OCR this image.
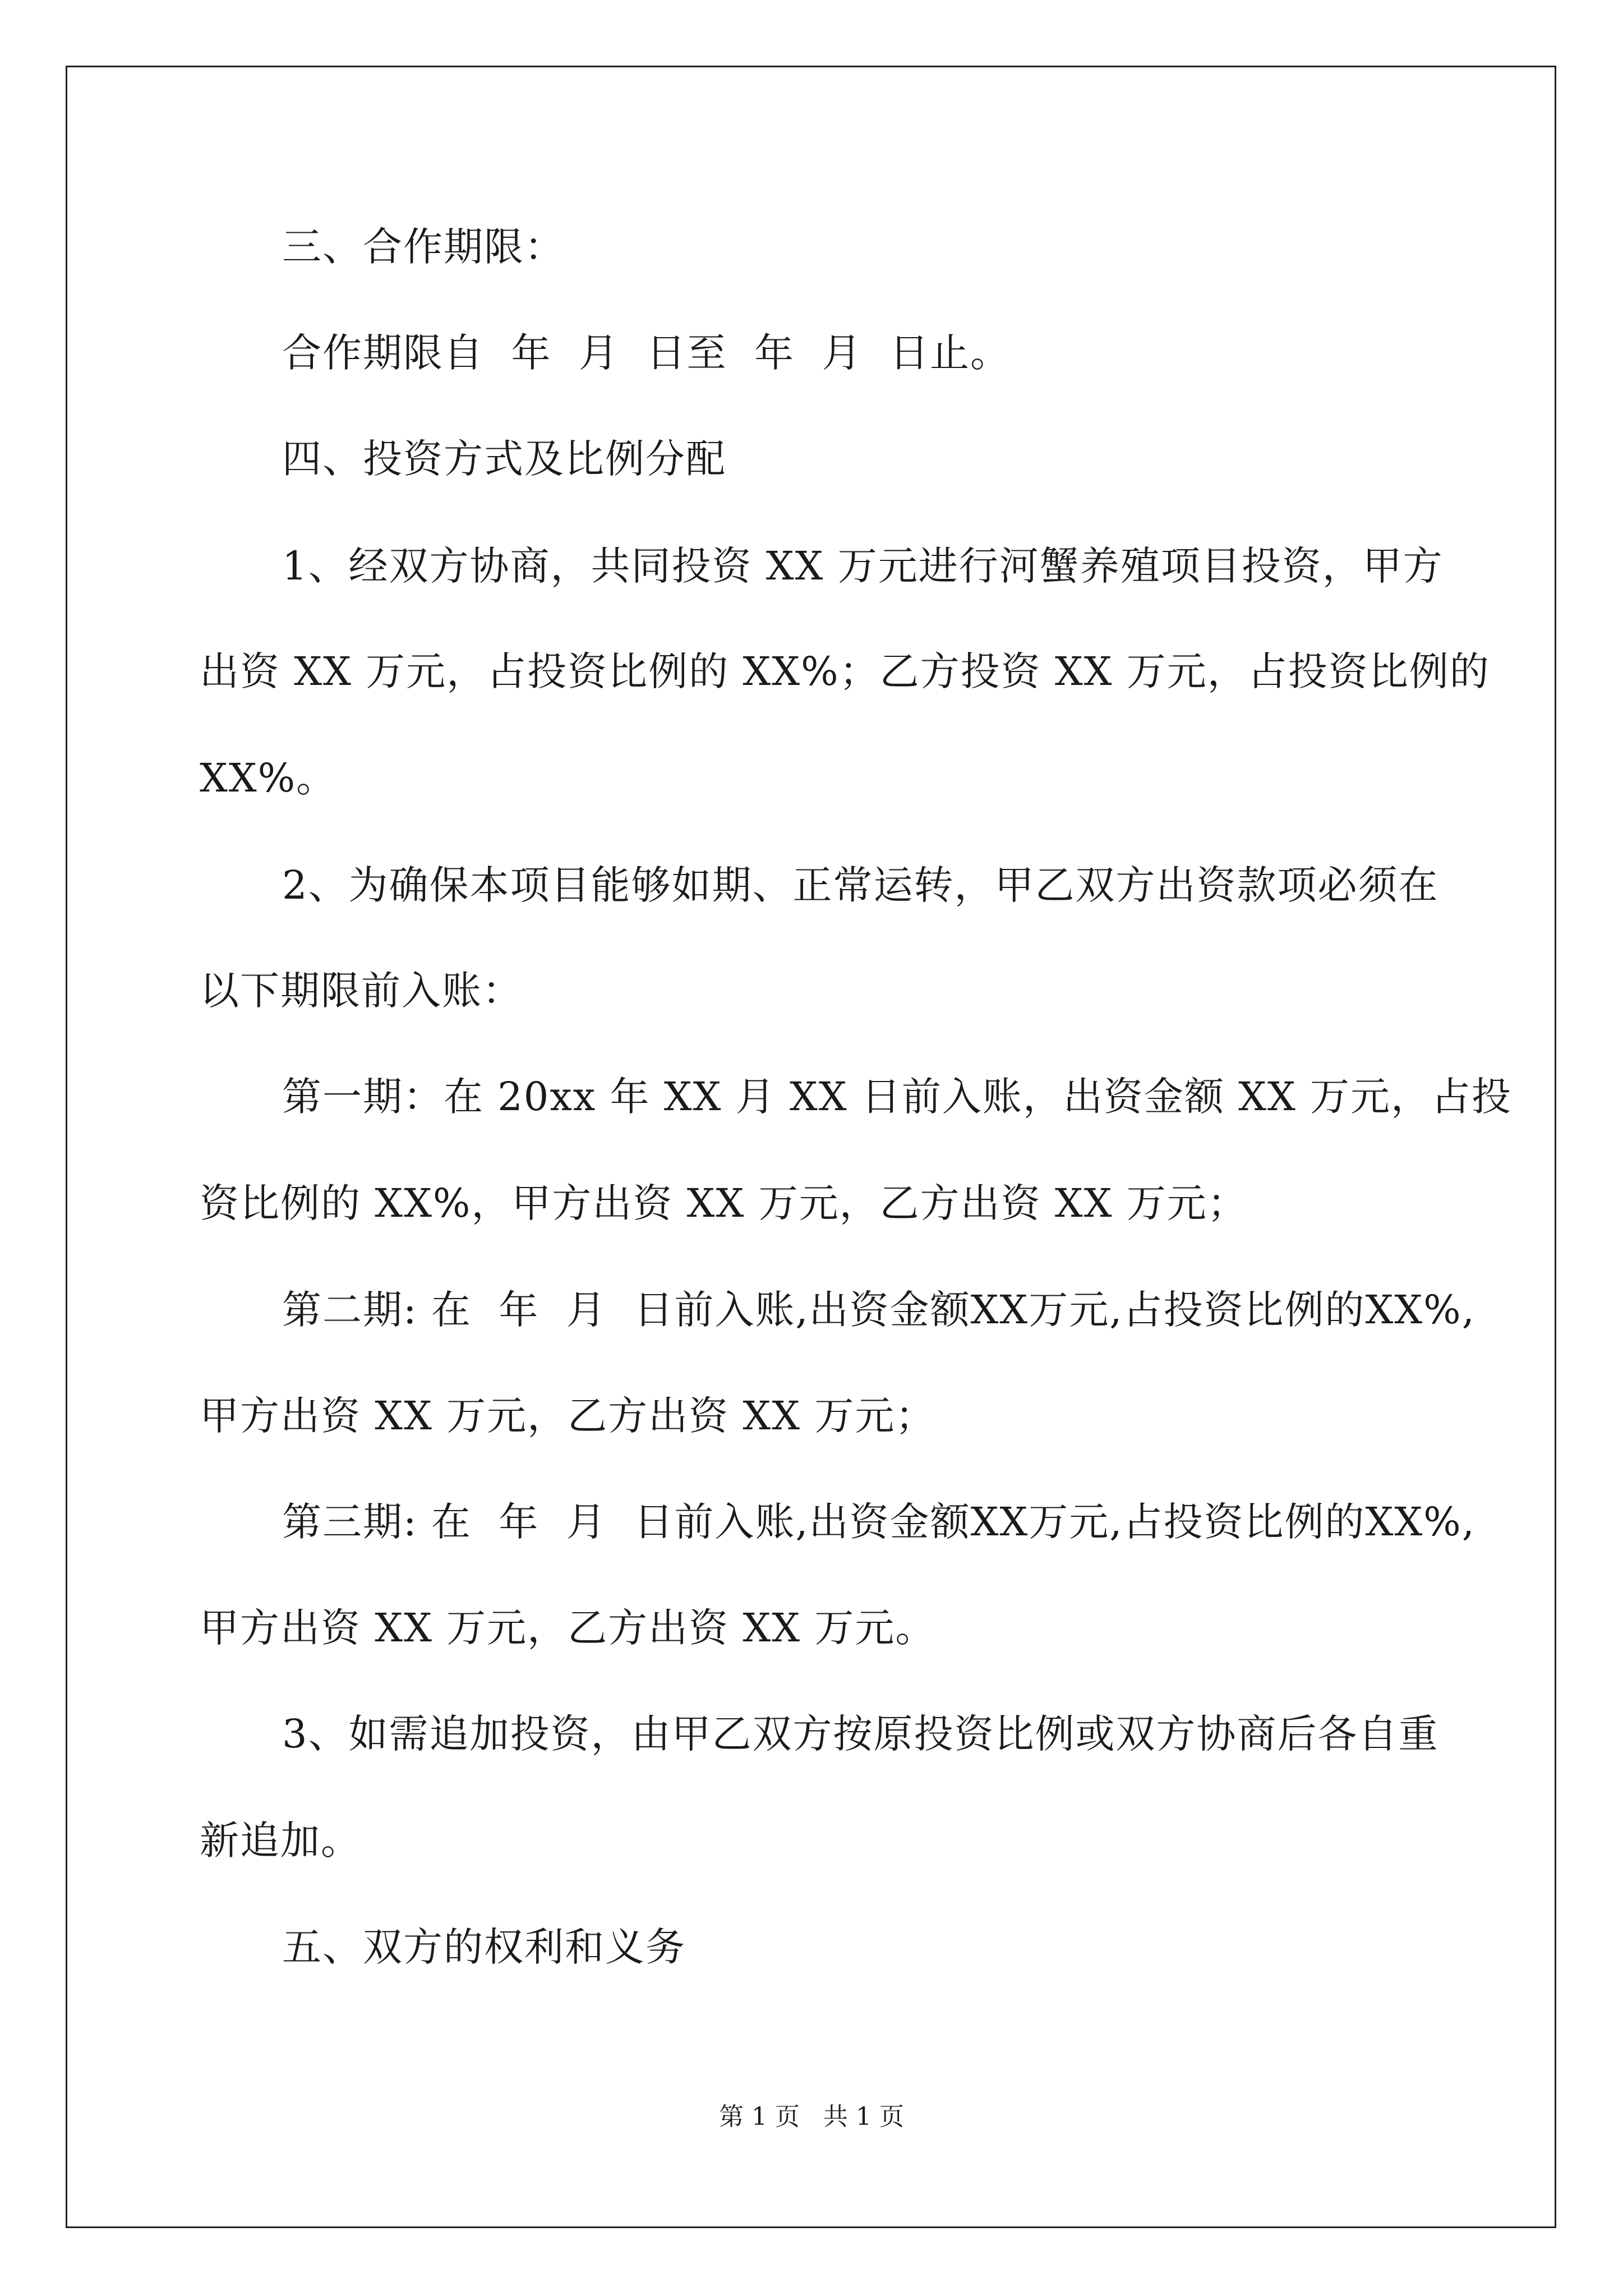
三、合作期限：
合作期限自  年  月  日至  年  月  日止。
四、投资方式及比例分配
1、经双方协商，共同投资 XX 万元进行河蟹养殖项目投资，甲方
出资 XX 万元，占投资比例的 XX%；乙方投资 XX 万元，占投资比例的
XX%。
2、为确保本项目能够如期、正常运转，甲乙双方出资款项必须在
以下期限前入账：
第一期：在 20xx 年 XX 月 XX 日前入账，出资金额 XX 万元，占投
资比例的 XX%，甲方出资 XX 万元，乙方出资 XX 万元；
第二期: 在  年  月  日前入账,出资金额XX万元,占投资比例的XX%,
甲方出资 XX 万元，乙方出资 XX 万元；
第三期: 在  年  月  日前入账,出资金额XX万元,占投资比例的XX%,
甲方出资 XX 万元，乙方出资 XX 万元。
3、如需追加投资，由甲乙双方按原投资比例或双方协商后各自重
新追加。
五、双方的权利和义务
第 1 页   共 1 页
